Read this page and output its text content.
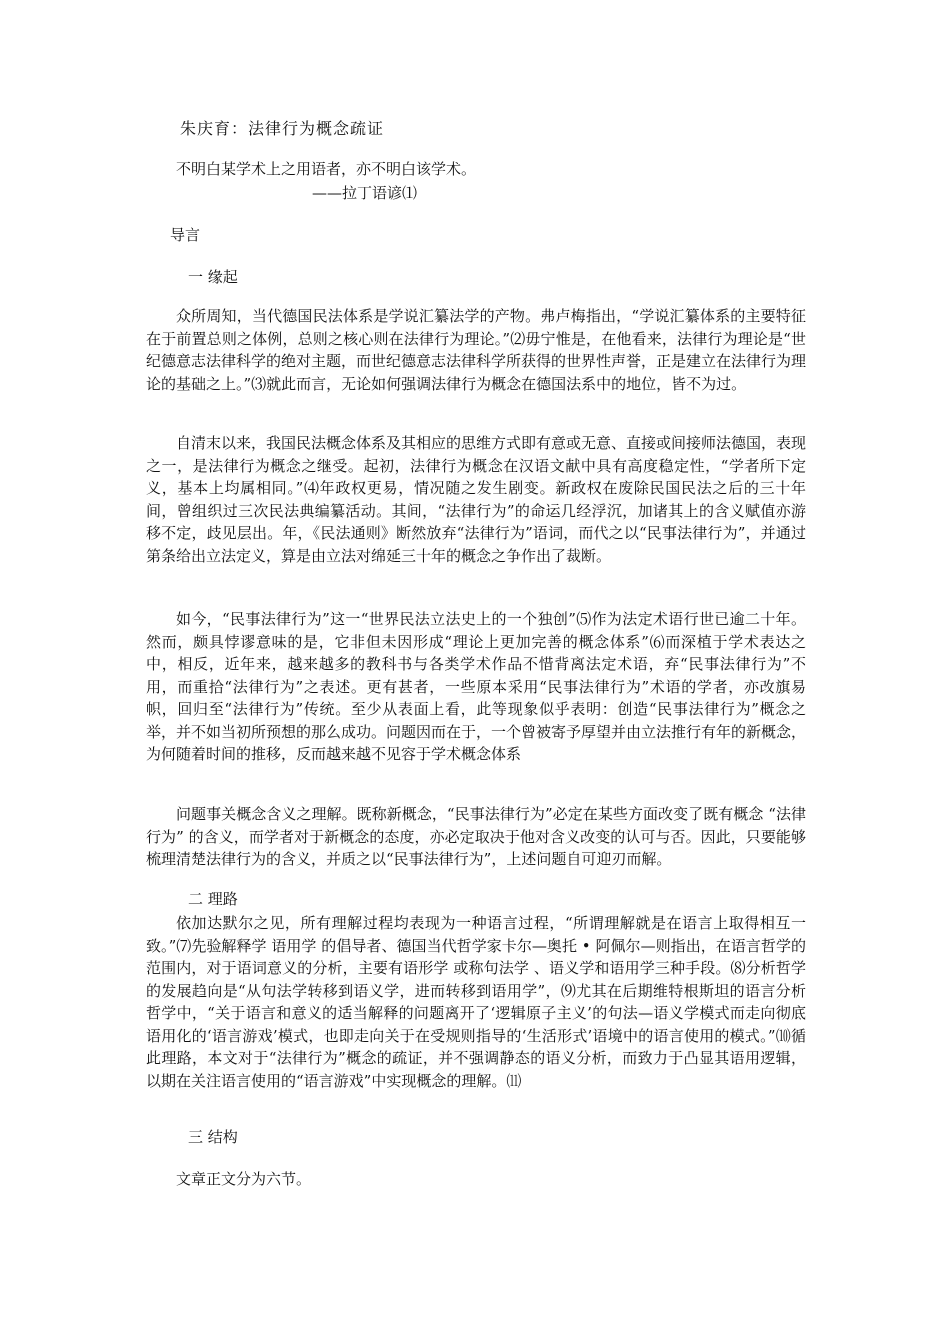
朱庆育：法律行为概念疏证
不明白某学术上之用语者，亦不明白该学术。
——拉丁语谚⑴
导言
一 缘起
众所周知，当代德国民法体系是学说汇纂法学的产物。弗卢梅指出，“学说汇纂体系的主要特征在于前置总则之体例，总则之核心则在法律行为理论。”⑵毋宁惟是，在他看来，法律行为理论是“世纪德意志法律科学的绝对主题，而世纪德意志法律科学所获得的世界性声誉，正是建立在法律行为理论的基础之上。”⑶就此而言，无论如何强调法律行为概念在德国法系中的地位，皆不为过。
自清末以来，我国民法概念体系及其相应的思维方式即有意或无意、直接或间接师法德国，表现之一，是法律行为概念之继受。起初，法律行为概念在汉语文献中具有高度稳定性，“学者所下定义，基本上均属相同。”⑷年政权更易，情况随之发生剧变。新政权在废除民国民法之后的三十年间，曾组织过三次民法典编纂活动。其间，“法律行为”的命运几经浮沉，加诸其上的含义赋值亦游移不定，歧见层出。年，《民法通则》断然放弃“法律行为”语词，而代之以“民事法律行为”，并通过第条给出立法定义，算是由立法对绵延三十年的概念之争作出了裁断。
如今，“民事法律行为”这一“世界民法立法史上的一个独创”⑸作为法定术语行世已逾二十年。然而，颇具悖谬意味的是，它非但未因形成“理论上更加完善的概念体系”⑹而深植于学术表达之中，相反，近年来，越来越多的教科书与各类学术作品不惜背离法定术语，弃“民事法律行为”不用，而重拾“法律行为”之表述。更有甚者，一些原本采用“民事法律行为”术语的学者，亦改旗易帜，回归至“法律行为”传统。至少从表面上看，此等现象似乎表明：创造“民事法律行为”概念之举，并不如当初所预想的那么成功。问题因而在于，一个曾被寄予厚望并由立法推行有年的新概念，为何随着时间的推移，反而越来越不见容于学术概念体系
问题事关概念含义之理解。既称新概念，“民事法律行为”必定在某些方面改变了既有概念 “法律行为” 的含义，而学者对于新概念的态度，亦必定取决于他对含义改变的认可与否。因此，只要能够梳理清楚法律行为的含义，并质之以“民事法律行为”，上述问题自可迎刃而解。
二 理路
依加达默尔之见，所有理解过程均表现为一种语言过程，“所谓理解就是在语言上取得相互一致。”⑺先验解释学 语用学 的倡导者、德国当代哲学家卡尔—奥托 • 阿佩尔—则指出，在语言哲学的范围内，对于语词意义的分析，主要有语形学 或称句法学 、语义学和语用学三种手段。⑻分析哲学的发展趋向是“从句法学转移到语义学，进而转移到语用学”，⑼尤其在后期维特根斯坦的语言分析哲学中，“关于语言和意义的适当解释的问题离开了‘逻辑原子主义’的句法—语义学模式而走向彻底语用化的‘语言游戏’模式，也即走向关于在受规则指导的‘生活形式’语境中的语言使用的模式。”⑽循此理路，本文对于“法律行为”概念的疏证，并不强调静态的语义分析，而致力于凸显其语用逻辑，以期在关注语言使用的“语言游戏”中实现概念的理解。⑾
三 结构
文章正文分为六节。
